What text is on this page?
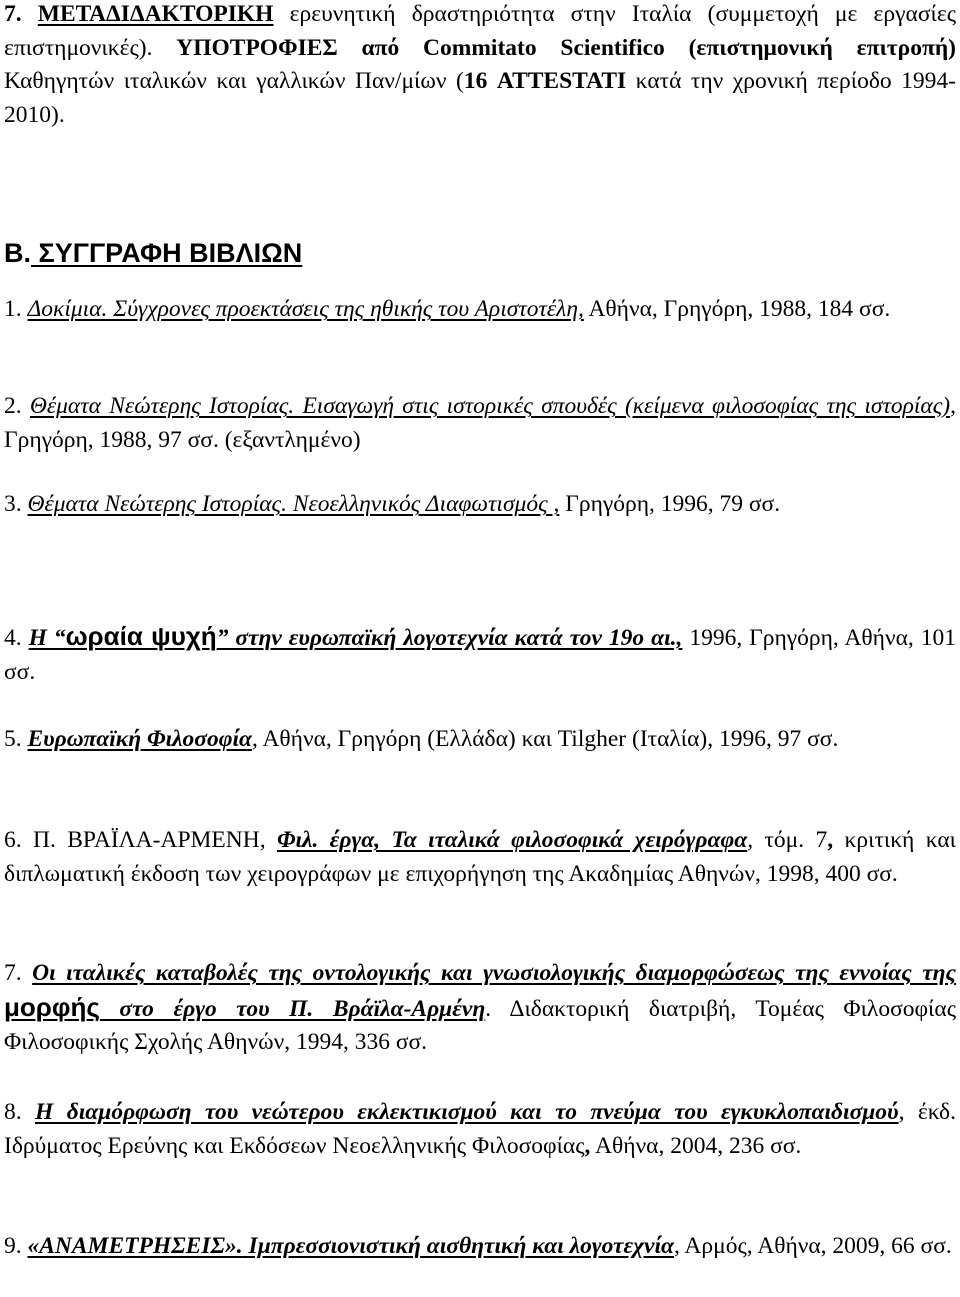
7. ΜΕΤΑΔΙΔΑΚΤΟΡΙΚΗ ερευνητική δραστηριότητα στην Ιταλία (συμμετοχή με εργασίες επιστημονικές). ΥΠΟΤΡΟΦΙΕΣ από Commitato Scientifico (επιστημονική επιτροπή) Καθηγητών ιταλικών και γαλλικών Παν/μίων (16 ATTESTATI κατά την χρονική περίοδο 1994-2010).

Β. ΣΥΓΓΡΑΦΗ ΒΙΒΛΙΩΝ

1. Δοκίμια. Σύγχρονες προεκτάσεις της ηθικής του Αριστοτέλη, Αθήνα, Γρηγόρη, 1988, 184 σσ.

2. Θέματα Νεώτερης Ιστορίας. Εισαγωγή στις ιστορικές σπουδές (κείμενα φιλοσοφίας της ιστορίας), Γρηγόρη, 1988, 97 σσ. (εξαντλημένο)

3. Θέματα Νεώτερης Ιστορίας. Νεοελληνικός Διαφωτισμός , Γρηγόρη, 1996, 79 σσ.

4. Η “ωραία ψυχή” στην ευρωπαϊκή λογοτεχνία κατά τον 19ο αι., 1996, Γρηγόρη, Αθήνα, 101 σσ.

5. Ευρωπαϊκή Φιλοσοφία, Αθήνα, Γρηγόρη (Ελλάδα) και Tilgher (Ιταλία), 1996, 97 σσ.

6. Π. ΒΡΑΪΛΑ-ΑΡΜΕΝΗ, Φιλ. έργα, Τα ιταλικά φιλοσοφικά χειρόγραφα, τόμ. 7, κριτική και διπλωματική έκδοση των χειρογράφων με επιχορήγηση της Ακαδημίας Αθηνών, 1998, 400 σσ.

7. Οι ιταλικές καταβολές της οντολογικής και γνωσιολογικής διαμορφώσεως της εννοίας της μορφής στο έργο του Π. Βράϊλα-Αρμένη. Διδακτορική διατριβή, Τομέας Φιλοσοφίας Φιλοσοφικής Σχολής Αθηνών, 1994, 336 σσ.

8. Η διαμόρφωση του νεώτερου εκλεκτικισμού και το πνεύμα του εγκυκλοπαιδισμού, έκδ. Ιδρύματος Ερεύνης και Εκδόσεων Νεοελληνικής Φιλοσοφίας, Αθήνα, 2004, 236 σσ.

9. «ΑΝΑΜΕΤΡΗΣΕΙΣ». Ιμπρεσσιονιστική αισθητική και λογοτεχνία, Αρμός, Αθήνα, 2009, 66 σσ.
